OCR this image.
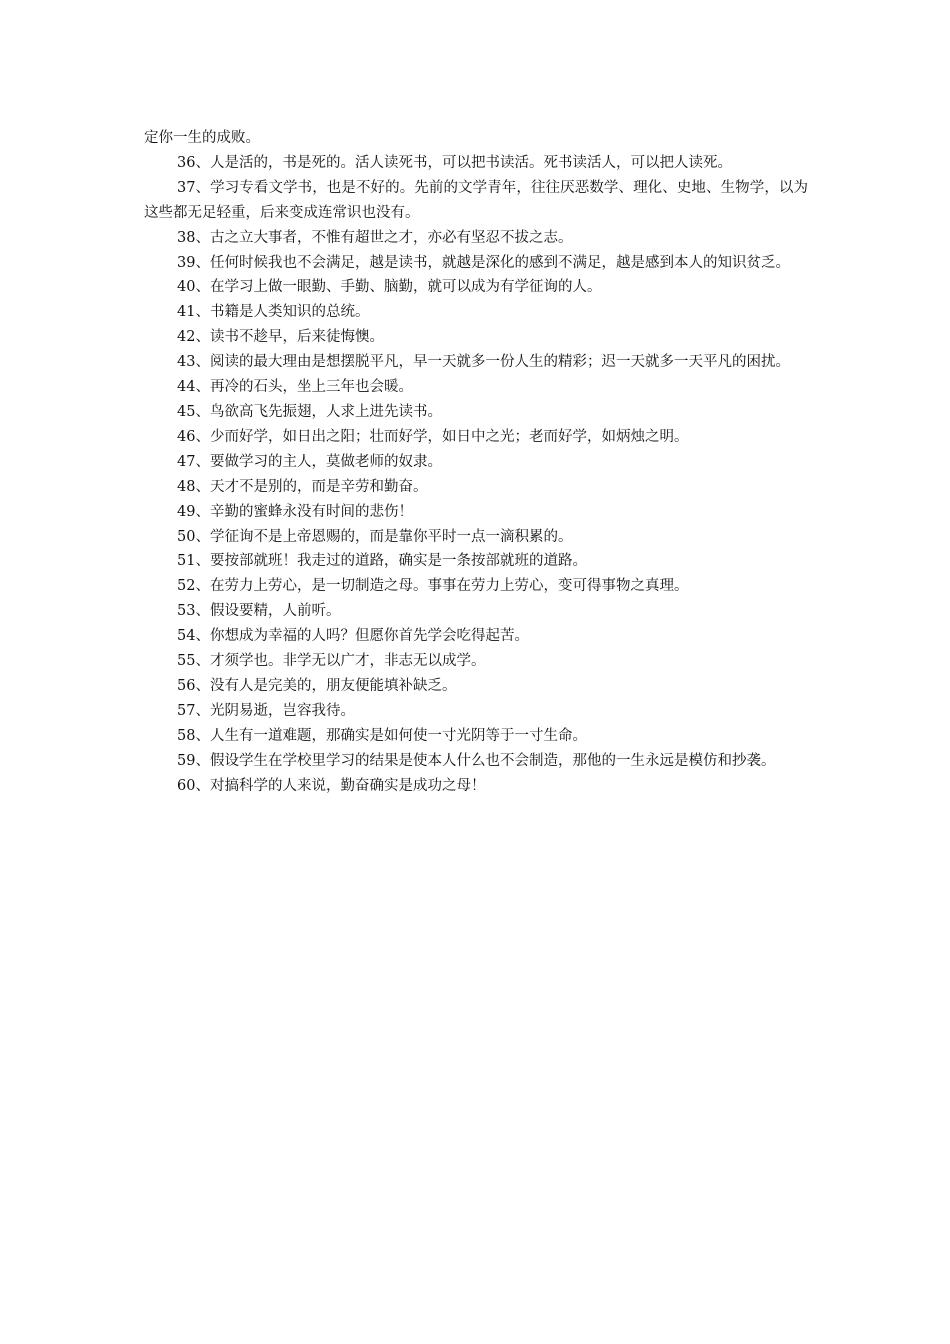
定你一生的成败。

36、人是活的，书是死的。活人读死书，可以把书读活。死书读活人，可以把人读死。

37、学习专看文学书，也是不好的。先前的文学青年，往往厌恶数学、理化、史地、生物学，以为这些都无足轻重，后来变成连常识也没有。

38、古之立大事者，不惟有超世之才，亦必有坚忍不拔之志。

39、任何时候我也不会满足，越是读书，就越是深化的感到不满足，越是感到本人的知识贫乏。

40、在学习上做一眼勤、手勤、脑勤，就可以成为有学征询的人。

41、书籍是人类知识的总统。

42、读书不趁早，后来徒悔懊。

43、阅读的最大理由是想摆脱平凡，早一天就多一份人生的精彩；迟一天就多一天平凡的困扰。

44、再冷的石头，坐上三年也会暖。

45、鸟欲高飞先振翅，人求上进先读书。

46、少而好学，如日出之阳；壮而好学，如日中之光；老而好学，如炳烛之明。

47、要做学习的主人，莫做老师的奴隶。

48、天才不是别的，而是辛劳和勤奋。

49、辛勤的蜜蜂永没有时间的悲伤！

50、学征询不是上帝恩赐的，而是靠你平时一点一滴积累的。

51、要按部就班！我走过的道路，确实是一条按部就班的道路。

52、在劳力上劳心，是一切制造之母。事事在劳力上劳心，变可得事物之真理。

53、假设要精，人前听。

54、你想成为幸福的人吗？但愿你首先学会吃得起苦。

55、才须学也。非学无以广才，非志无以成学。

56、没有人是完美的，朋友便能填补缺乏。

57、光阴易逝，岂容我待。

58、人生有一道难题，那确实是如何使一寸光阴等于一寸生命。

59、假设学生在学校里学习的结果是使本人什么也不会制造，那他的一生永远是模仿和抄袭。

60、对搞科学的人来说，勤奋确实是成功之母！
